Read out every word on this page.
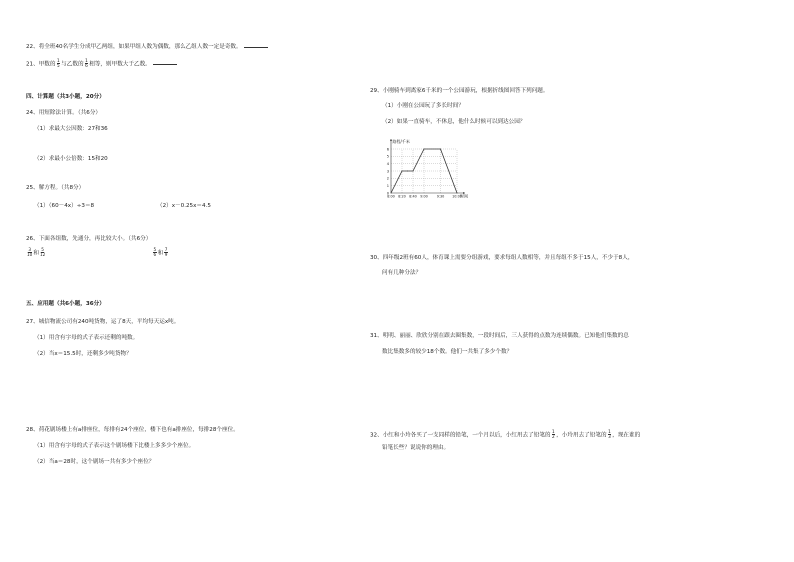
22、将全班40名学生分成甲乙两组，如果甲组人数为偶数，那么乙组人数一定是奇数。
21、甲数的 $\frac{1}{5}$ 与乙数的 $\frac{1}{6}$ 相等，则甲数大于乙数。
四、计算题（共3小题，20分）
24、用短除法计算。（共6分）
（1）求最大公因数：27和36
（2）求最小公倍数：15和20
25、解方程。（共8分）
（1）（60－4x）÷3＝8	（2）x－0.25x＝4.5
26、下面各组数，先通分，再比较大小。（共6分）
$\frac{3}{10}$ 和 $\frac{5}{12}$	$\frac{5}{6}$ 和 $\frac{7}{9}$
五、应用题（共6小题，36分）
27、城信物流公司有240吨货物，运了8天，平均每天运x吨。
（1）用含有字母的式子表示还剩的吨数。
（2）当x＝15.5时，还剩多少吨货物？
28、荷花剧场楼上有a排座位，每排有24个座位，楼下也有a排座位，每排28个座位。
（1）用含有字母的式子表示这个剧场楼下比楼上多多少个座位。
（2）当a＝28时，这个剧场一共有多少个座位？
29、小刚骑车到离家6千米的一个公园游玩，根据折线图回答下列问题。
（1）小刚在公园玩了多长时间？
（2）如果一直骑车，不休息，他什么时候可以到达公园？
0
1
2
3
4
5
6
8:00 8:20 8:40 9:00	9:30 10:00
路程/千米
时间
30、四年级2班有60人，体育课上需要分组游戏，要求每组人数相等，并且每组不多于15人，不少于8人，
问有几种分法？
31、明明、丽丽、欣欣分别在跟去圈集数，一段时间后，三人获得的点数为连续偶数。已知他们集数的总
数比集数多的较少18个数。他们一共集了多少个数？
32、小红和小玲各买了一支同样的铅笔，一个月以后，小红用去了铅笔的 $\frac{1}{2}$ ，小玲用去了铅笔的 $\frac{1}{3}$ ，现在谁的
铅笔长些？说说你的理由。
